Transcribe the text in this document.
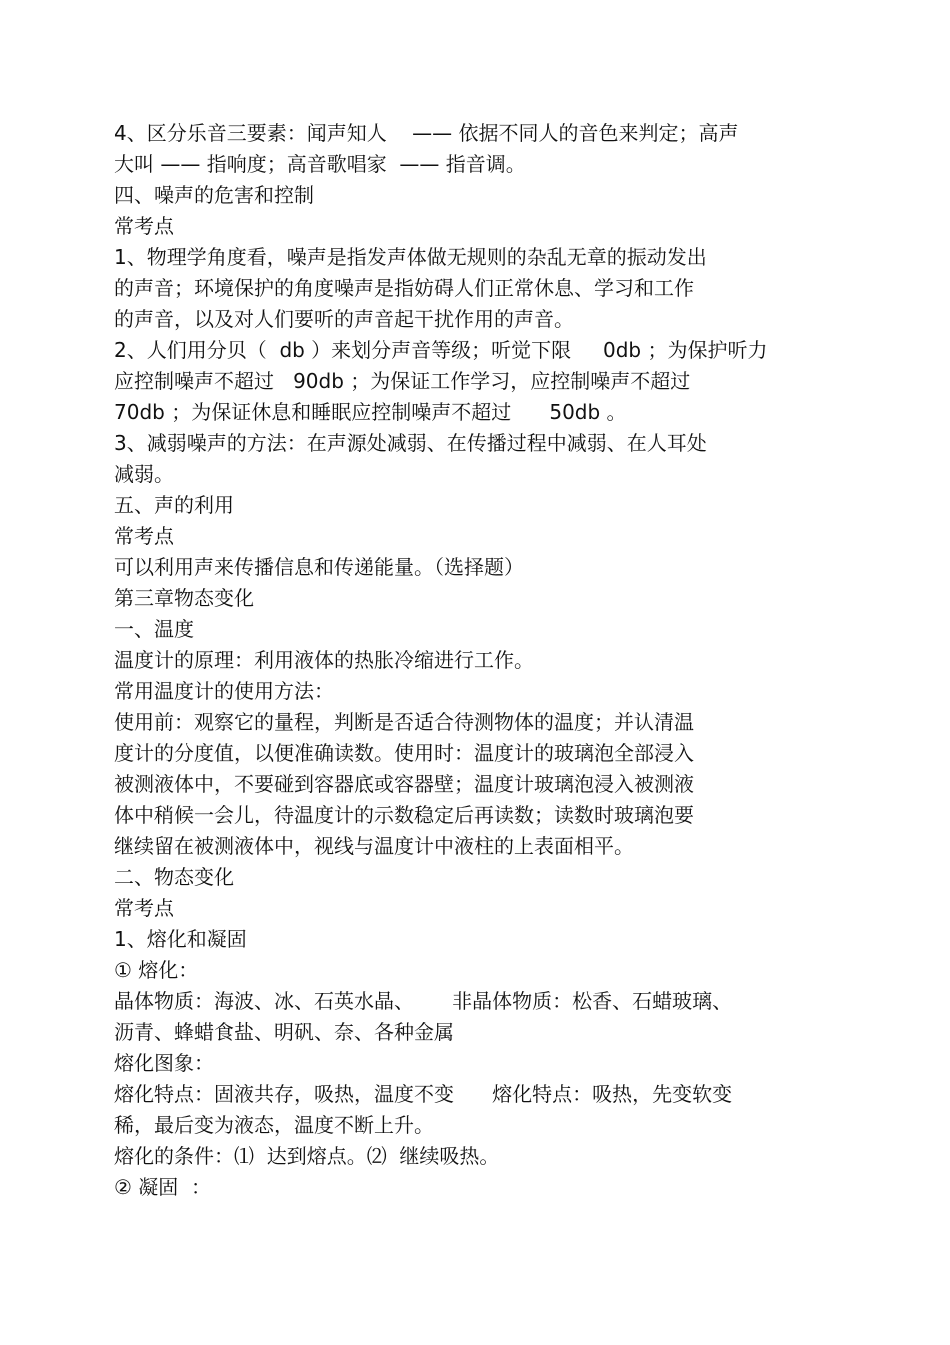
4、区分乐音三要素：闻声知人    —— 依据不同人的音色来判定；高声
大叫 —— 指响度；高音歌唱家  —— 指音调。
四、噪声的危害和控制
常考点
1、物理学角度看，噪声是指发声体做无规则的杂乱无章的振动发出
的声音；环境保护的角度噪声是指妨碍人们正常休息、学习和工作
的声音，以及对人们要听的声音起干扰作用的声音。
2、人们用分贝（  db ）来划分声音等级；听觉下限     0db ；为保护听力
应控制噪声不超过   90db ；为保证工作学习，应控制噪声不超过
70db ；为保证休息和睡眠应控制噪声不超过      50db 。
3、减弱噪声的方法：在声源处减弱、在传播过程中减弱、在人耳处
减弱。
五、声的利用
常考点
可以利用声来传播信息和传递能量。（选择题）
第三章物态变化
一、温度
温度计的原理：利用液体的热胀冷缩进行工作。
常用温度计的使用方法：
使用前：观察它的量程，判断是否适合待测物体的温度；并认清温
度计的分度值，以便准确读数。使用时：温度计的玻璃泡全部浸入
被测液体中，不要碰到容器底或容器壁；温度计玻璃泡浸入被测液
体中稍候一会儿，待温度计的示数稳定后再读数；读数时玻璃泡要
继续留在被测液体中，视线与温度计中液柱的上表面相平。
二、物态变化
常考点
1、熔化和凝固
① 熔化：
晶体物质：海波、冰、石英水晶、      非晶体物质：松香、石蜡玻璃、
沥青、蜂蜡食盐、明矾、奈、各种金属
熔化图象：
熔化特点：固液共存，吸热，温度不变      熔化特点：吸热，先变软变
稀，最后变为液态，温度不断上升。
熔化的条件：⑴  达到熔点。⑵  继续吸热。
② 凝固  ：
